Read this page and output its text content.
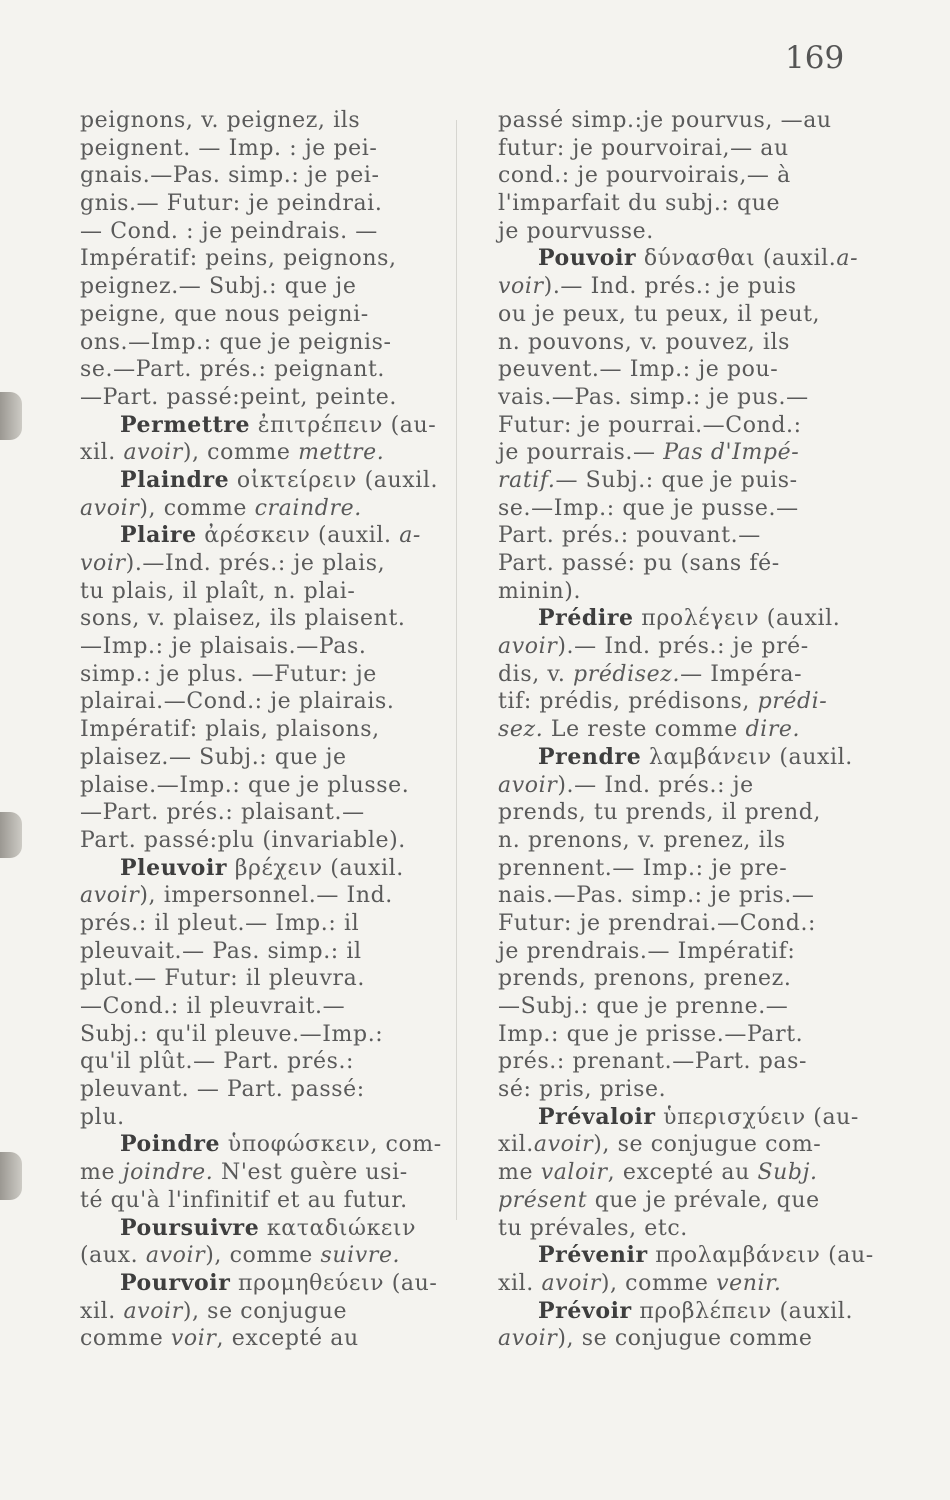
169
peignons, v. peignez, ils
peignent. — Imp. : je pei-
gnais.—Pas. simp.: je pei-
gnis.— Futur: je peindrai.
— Cond. : je peindrais. —
Impératif: peins, peignons,
peignez.— Subj.: que je
peigne, que nous peigni-
ons.—Imp.: que je peignis-
se.—Part. prés.: peignant.
—Part. passé:peint, peinte.
Permettre ἐπιτρέπειν (au-
xil. avoir), comme mettre.
Plaindre οἰκτείρειν (auxil.
avoir), comme craindre.
Plaire ἀρέσκειν (auxil. a-
voir).—Ind. prés.: je plais,
tu plais, il plaît, n. plai-
sons, v. plaisez, ils plaisent.
—Imp.: je plaisais.—Pas.
simp.: je plus. —Futur: je
plairai.—Cond.: je plairais.
Impératif: plais, plaisons,
plaisez.— Subj.: que je
plaise.—Imp.: que je plusse.
—Part. prés.: plaisant.—
Part. passé:plu (invariable).
Pleuvoir βρέχειν (auxil.
avoir), impersonnel.— Ind.
prés.: il pleut.— Imp.: il
pleuvait.— Pas. simp.: il
plut.— Futur: il pleuvra.
—Cond.: il pleuvrait.—
Subj.: qu'il pleuve.—Imp.:
qu'il plût.— Part. prés.:
pleuvant. — Part. passé:
plu.
Poindre ὑποφώσκειν, com-
me joindre. N'est guère usi-
té qu'à l'infinitif et au futur.
Poursuivre καταδιώκειν
(aux. avoir), comme suivre.
Pourvoir προμηθεύειν (au-
xil. avoir), se conjugue
comme voir, excepté au
passé simp.:je pourvus, —au
futur: je pourvoirai,— au
cond.: je pourvoirais,— à
l'imparfait du subj.: que
je pourvusse.
Pouvoir δύνασθαι (auxil.a-
voir).— Ind. prés.: je puis
ou je peux, tu peux, il peut,
n. pouvons, v. pouvez, ils
peuvent.— Imp.: je pou-
vais.—Pas. simp.: je pus.—
Futur: je pourrai.—Cond.:
je pourrais.— Pas d'Impé-
ratif.— Subj.: que je puis-
se.—Imp.: que je pusse.—
Part. prés.: pouvant.—
Part. passé: pu (sans fé-
minin).
Prédire προλέγειν (auxil.
avoir).— Ind. prés.: je pré-
dis, v. prédisez.— Impéra-
tif: prédis, prédisons, prédi-
sez. Le reste comme dire.
Prendre λαμβάνειν (auxil.
avoir).— Ind. prés.: je
prends, tu prends, il prend,
n. prenons, v. prenez, ils
prennent.— Imp.: je pre-
nais.—Pas. simp.: je pris.—
Futur: je prendrai.—Cond.:
je prendrais.— Impératif:
prends, prenons, prenez.
—Subj.: que je prenne.—
Imp.: que je prisse.—Part.
prés.: prenant.—Part. pas-
sé: pris, prise.
Prévaloir ὑπερισχύειν (au-
xil.avoir), se conjugue com-
me valoir, excepté au Subj.
présent que je prévale, que
tu prévales, etc.
Prévenir προλαμβάνειν (au-
xil. avoir), comme venir.
Prévoir προβλέπειν (auxil.
avoir), se conjugue comme
